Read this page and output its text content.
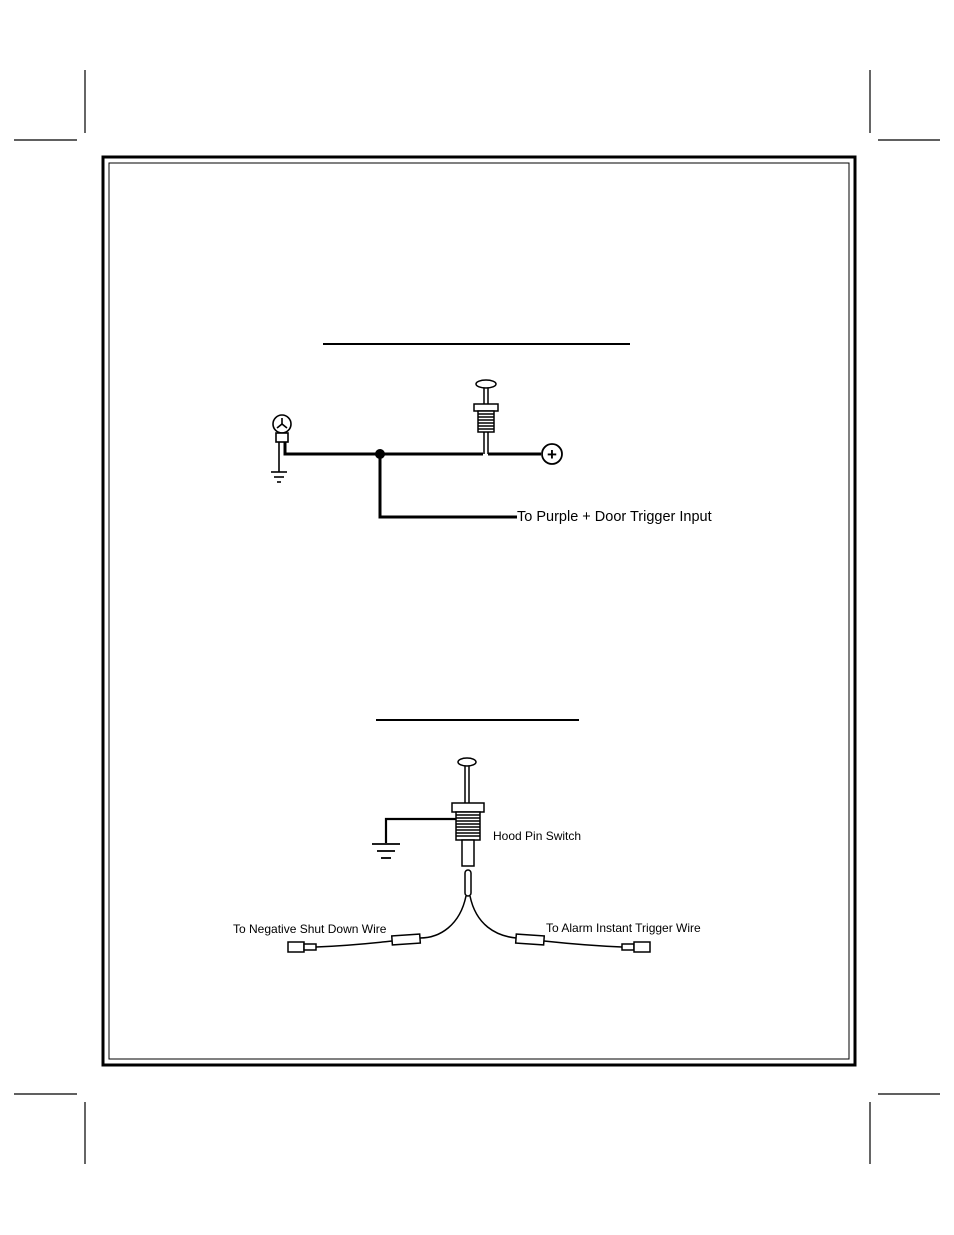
+
To Purple + Door Trigger Input
Hood Pin Switch
To Negative Shut Down Wire	To Alarm Instant Trigger Wire
